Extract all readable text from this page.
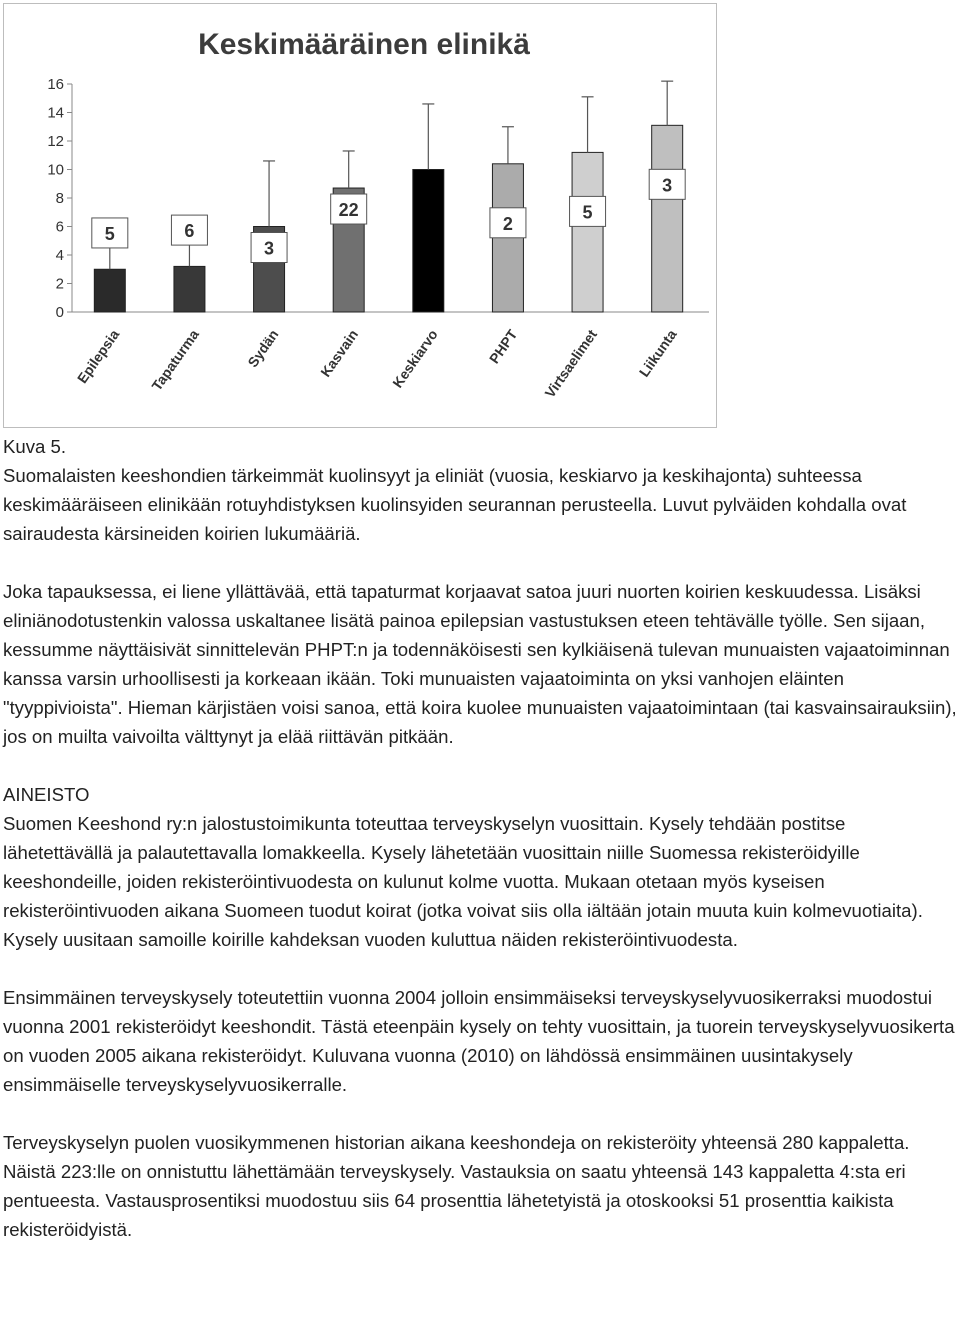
Keskimääräinen elinikä
0
2
4
6
8
10
12
14
16
5
Epilepsia
6
Tapaturma
3
Sydän
22
Kasvain Keskiarvo
2
PHPT
5
Virtsaelimet
3
Liikunta

Kuva 5.

Suomalaisten keeshondien tärkeimmät kuolinsyyt ja eliniät (vuosia, keskiarvo ja keskihajonta) suhteessa keskimääräiseen elinikään rotuyhdistyksen kuolinsyiden seurannan perusteella. Luvut pylväiden kohdalla ovat sairaudesta kärsineiden koirien lukumääriä.

Joka tapauksessa, ei liene yllättävää, että tapaturmat korjaavat satoa juuri nuorten koirien keskuudessa. Lisäksi eliniänodotustenkin valossa uskaltanee lisätä painoa epilepsian vastustuksen eteen tehtävälle työlle. Sen sijaan, kessumme näyttäisivät sinnittelevän PHPT:n ja todennäköisesti sen kylkiäisenä tulevan munuaisten vajaatoiminnan kanssa varsin urhoollisesti ja korkeaan ikään. Toki munuaisten vajaatoiminta on yksi vanhojen eläinten "tyyppivioista". Hieman kärjistäen voisi sanoa, että koira kuolee munuaisten vajaatoimintaan (tai kasvainsairauksiin), jos on muilta vaivoilta välttynyt ja elää riittävän pitkään.

AINEISTO

Suomen Keeshond ry:n jalostustoimikunta toteuttaa terveyskyselyn vuosittain. Kysely tehdään postitse lähetettävällä ja palautettavalla lomakkeella. Kysely lähetetään vuosittain niille Suomessa rekisteröidyille keeshondeille, joiden rekisteröintivuodesta on kulunut kolme vuotta. Mukaan otetaan myös kyseisen rekisteröintivuoden aikana Suomeen tuodut koirat (jotka voivat siis olla iältään jotain muuta kuin kolmevuotiaita). Kysely uusitaan samoille koirille kahdeksan vuoden kuluttua näiden rekisteröintivuodesta.

Ensimmäinen terveyskysely toteutettiin vuonna 2004 jolloin ensimmäiseksi terveyskyselyvuosikerraksi muodostui vuonna 2001 rekisteröidyt keeshondit. Tästä eteenpäin kysely on tehty vuosittain, ja tuorein terveyskyselyvuosikerta on vuoden 2005 aikana rekisteröidyt. Kuluvana vuonna (2010) on lähdössä ensimmäinen uusintakysely ensimmäiselle terveyskyselyvuosikerralle.

Terveyskyselyn puolen vuosikymmenen historian aikana keeshondeja on rekisteröity yhteensä 280 kappaletta. Näistä 223:lle on onnistuttu lähettämään terveyskysely. Vastauksia on saatu yhteensä 143 kappaletta 4:sta eri pentueesta. Vastausprosentiksi muodostuu siis 64 prosenttia lähetetyistä ja otoskooksi 51 prosenttia kaikista rekisteröidyistä.
